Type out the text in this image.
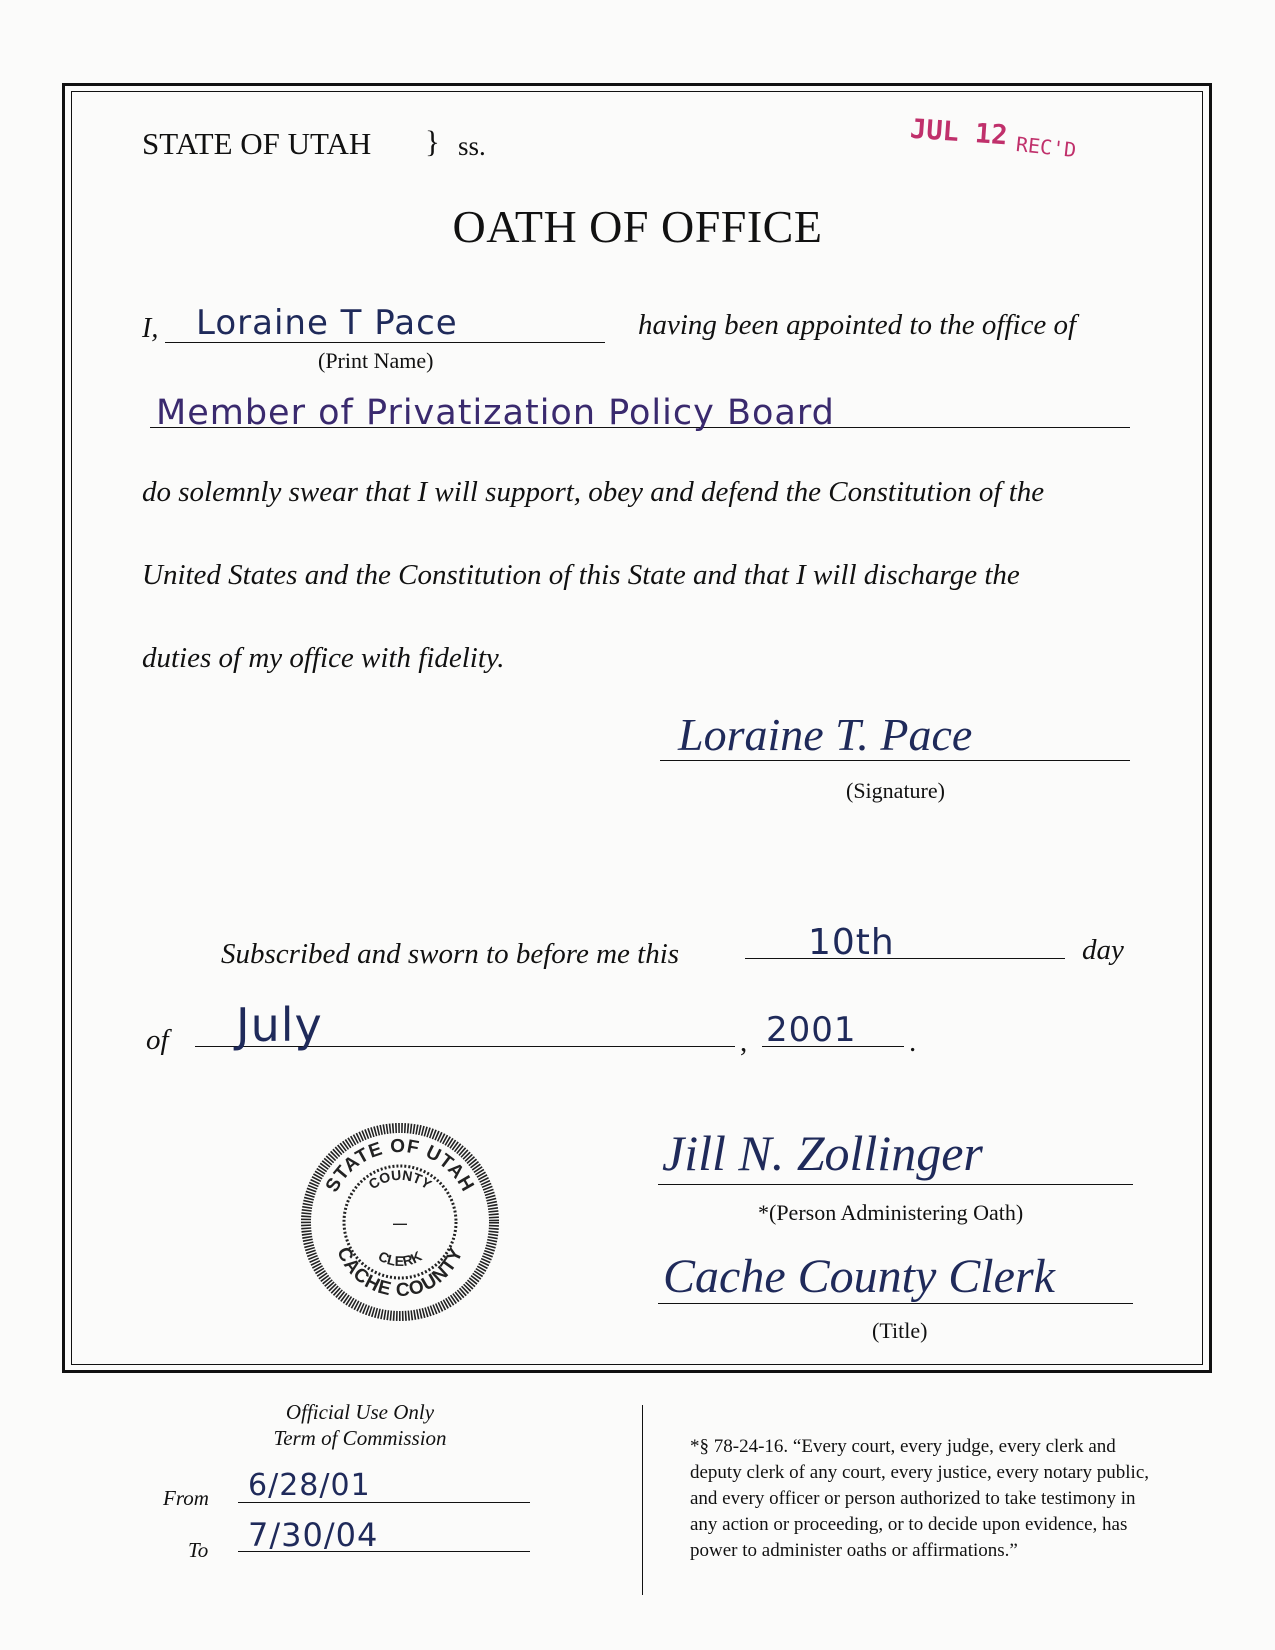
STATE OF UTAH } ss.	JUL 12 REC'D
OATH OF OFFICE
I, Loraine T Pace	having been appointed to the office of
(Print Name)
Member of Privatization Policy Board
do solemnly swear that I will support, obey and defend the Constitution of the
United States and the Constitution of this State and that I will discharge the
duties of my office with fidelity.
Loraine T. Pace
(Signature)
Subscribed and sworn to before me this	10th	day
of July	, 2001 .
STATE OF UTAH
CACHE COUNTY
COUNTY
—
CLERK
Jill N. Zollinger
*(Person Administering Oath)
Cache County Clerk
(Title)
Official Use Only
Term of Commission
From 6/28/01
To 7/30/04
*§ 78-24-16. “Every court, every judge, every clerk and
deputy clerk of any court, every justice, every notary public,
and every officer or person authorized to take testimony in
any action or proceeding, or to decide upon evidence, has
power to administer oaths or affirmations.”
